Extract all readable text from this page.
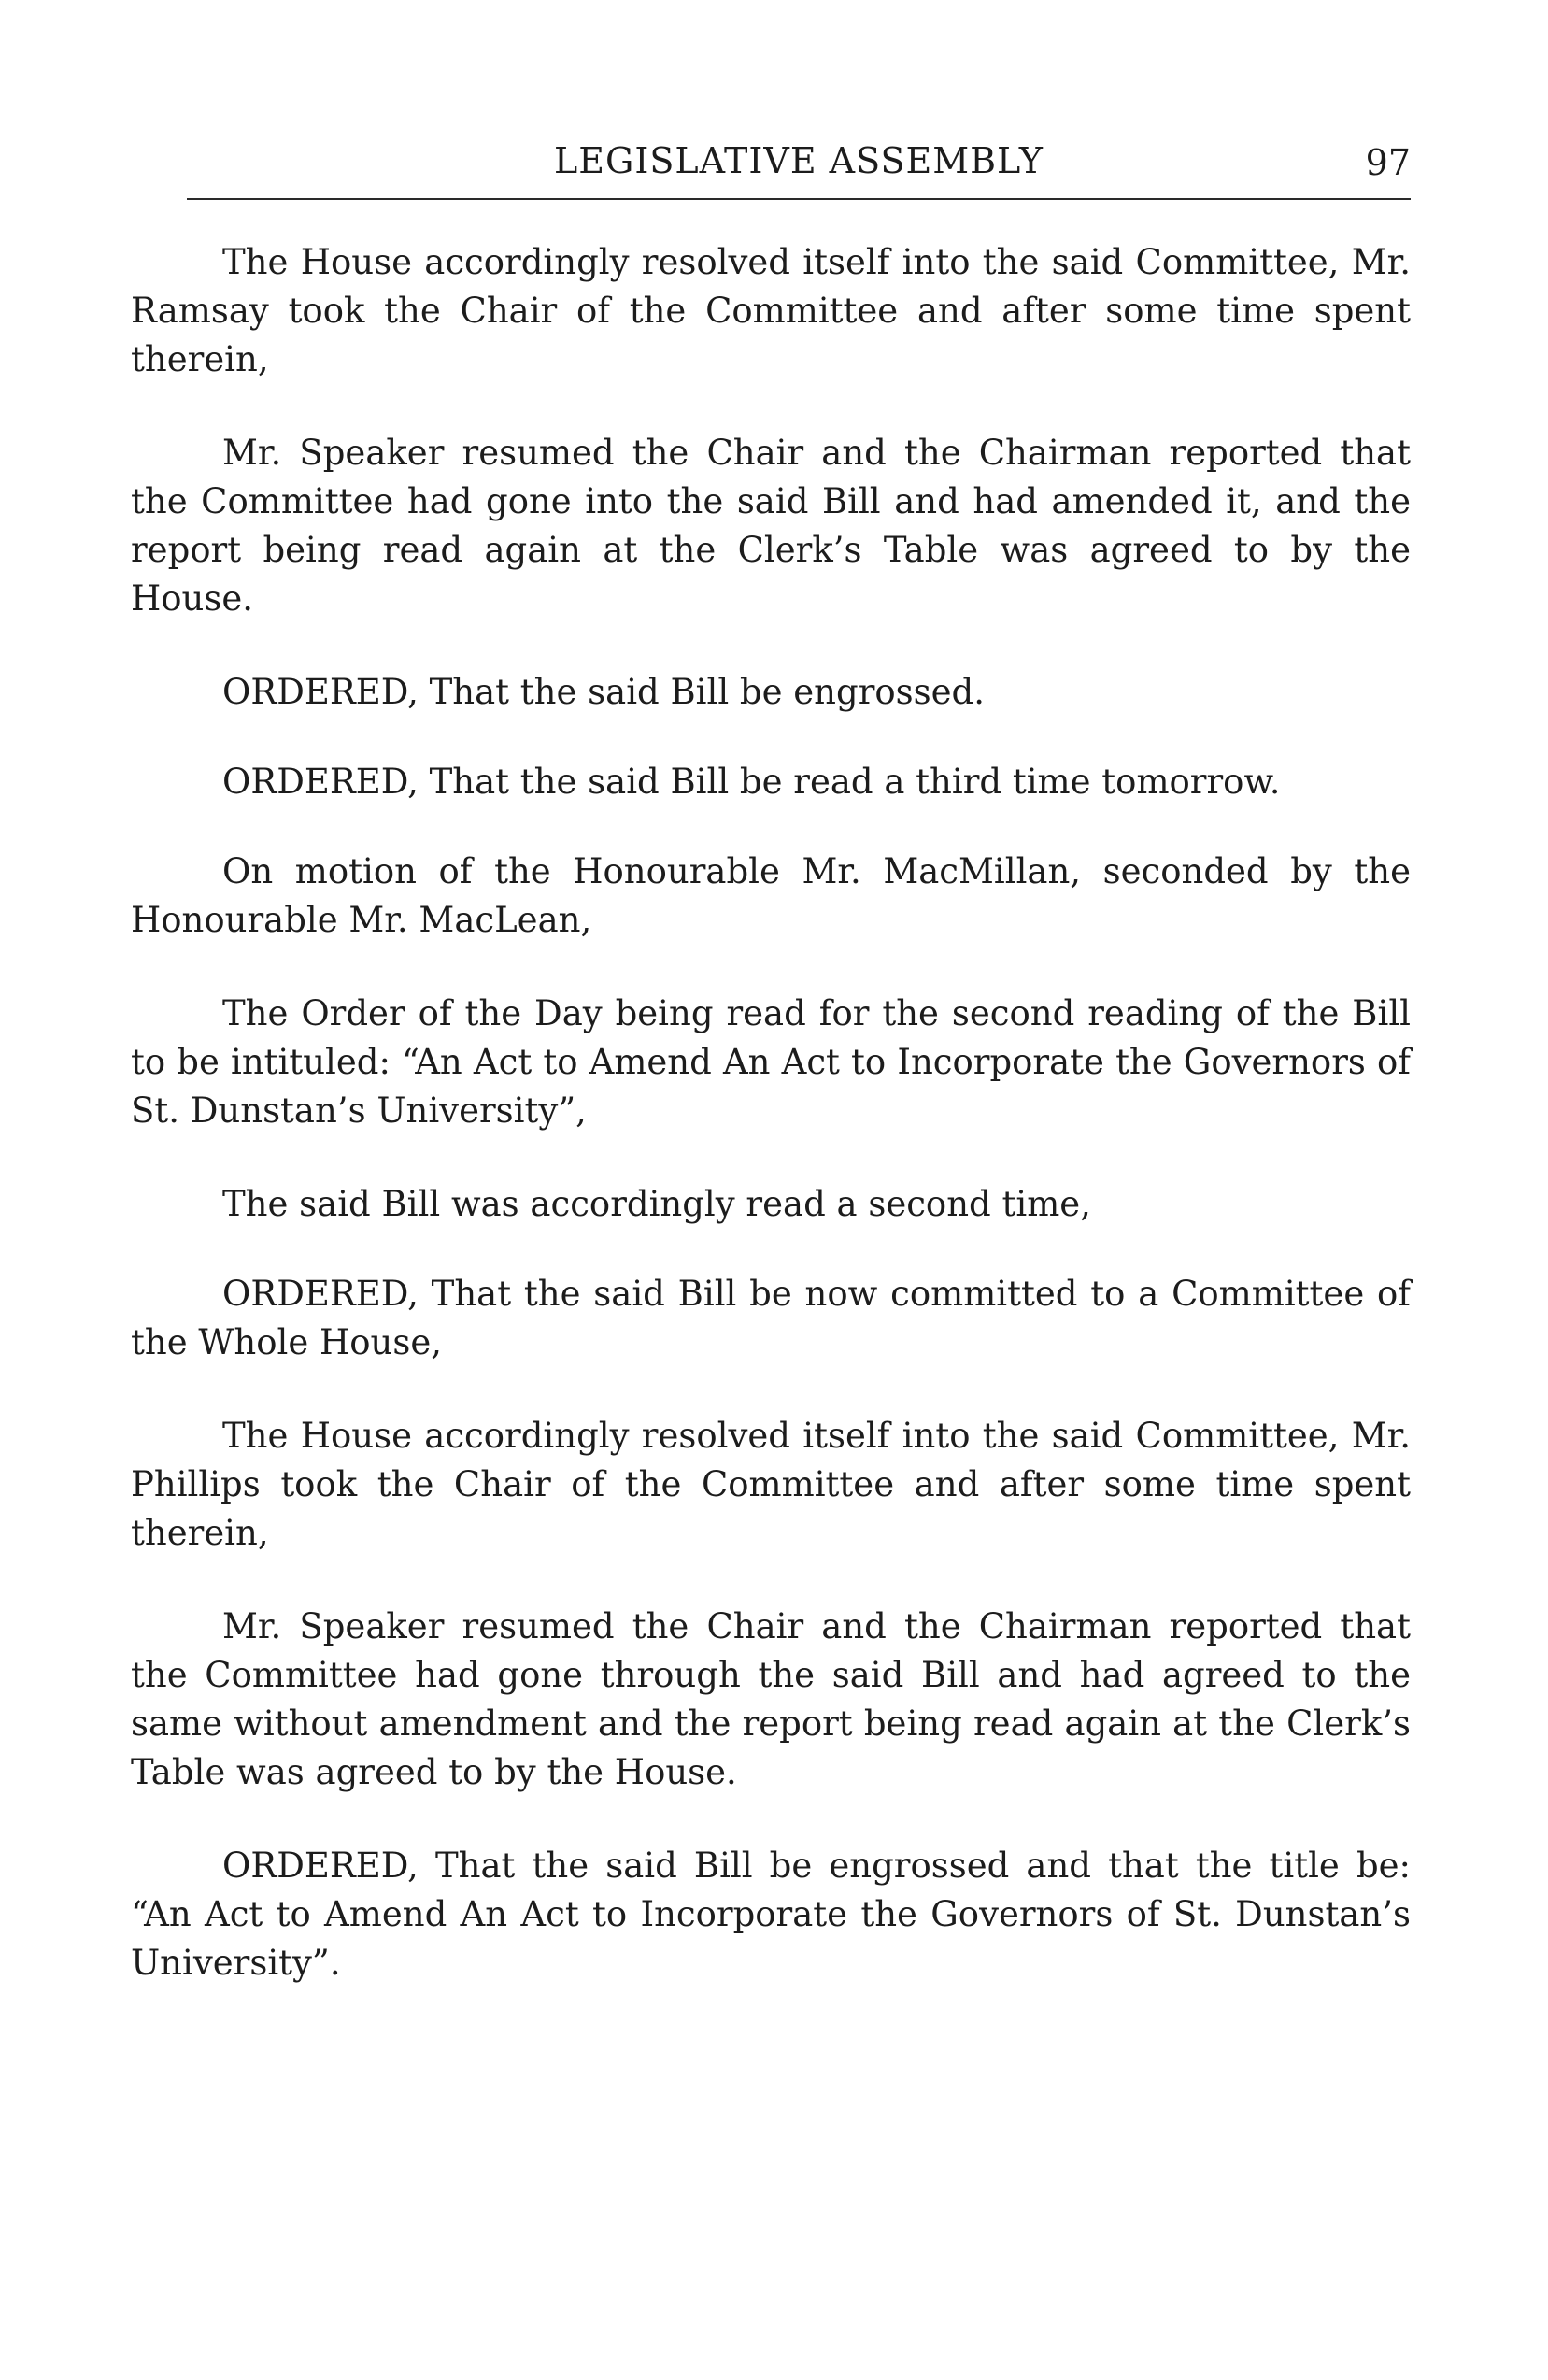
LEGISLATIVE ASSEMBLY	97

The House accordingly resolved itself into the said Committee, Mr. Ramsay took the Chair of the Committee and after some time spent therein,

Mr. Speaker resumed the Chair and the Chairman reported that the Committee had gone into the said Bill and had amended it, and the report being read again at the Clerk’s Table was agreed to by the House.

ORDERED, That the said Bill be engrossed.

ORDERED, That the said Bill be read a third time tomorrow.

On motion of the Honourable Mr. MacMillan, seconded by the Honourable Mr. MacLean,

The Order of the Day being read for the second reading of the Bill to be intituled: “An Act to Amend An Act to Incorporate the Governors of St. Dunstan’s University”,

The said Bill was accordingly read a second time,

ORDERED, That the said Bill be now committed to a Committee of the Whole House,

The House accordingly resolved itself into the said Committee, Mr. Phillips took the Chair of the Committee and after some time spent therein,

Mr. Speaker resumed the Chair and the Chairman reported that the Committee had gone through the said Bill and had agreed to the same without amendment and the report being read again at the Clerk’s Table was agreed to by the House.

ORDERED, That the said Bill be engrossed and that the title be: “An Act to Amend An Act to Incorporate the Governors of St. Dunstan’s University”.
